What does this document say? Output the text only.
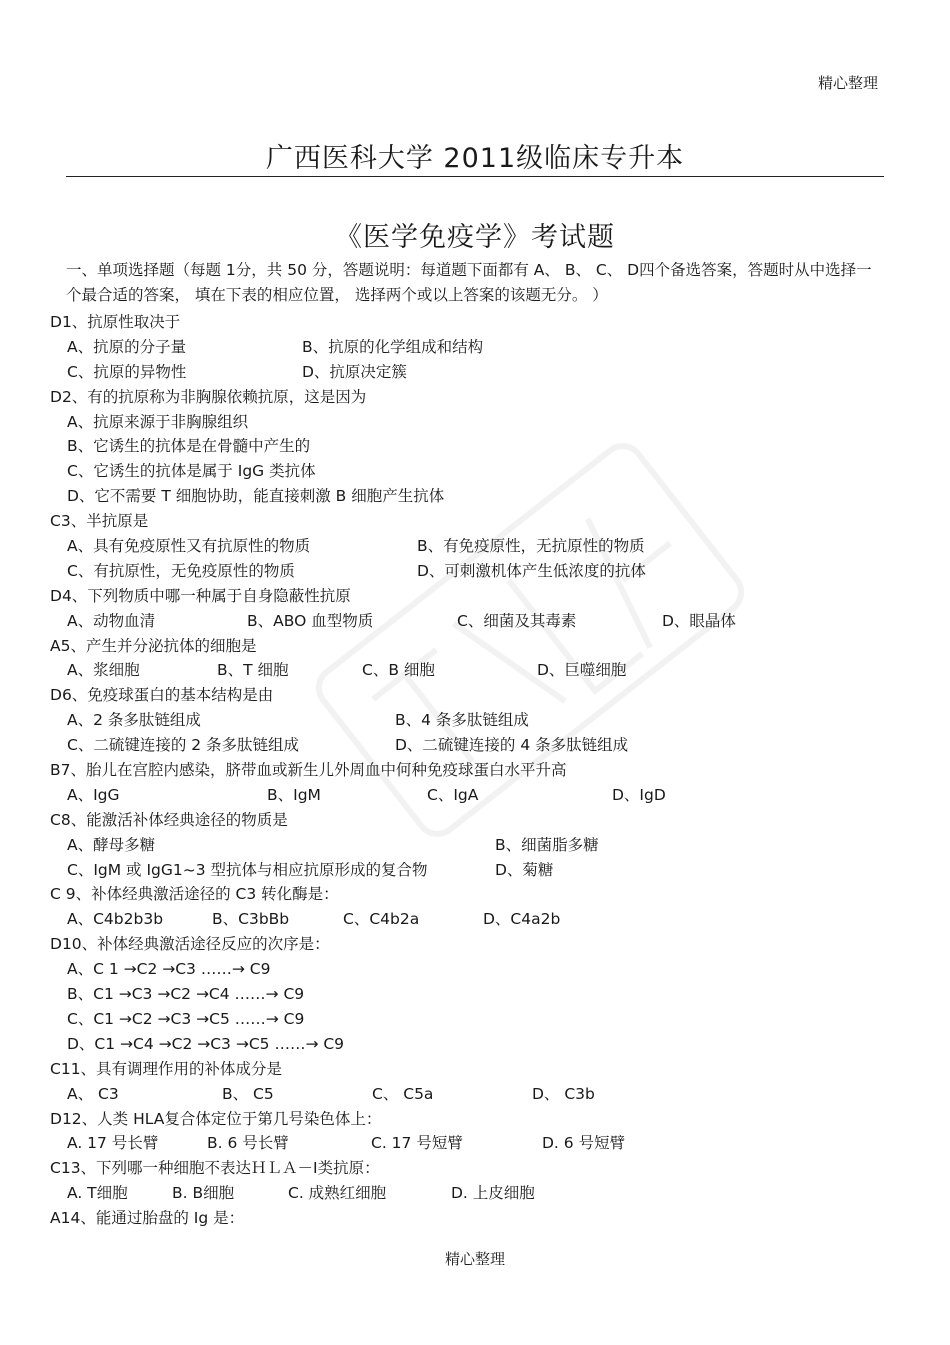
精心整理
广西医科大学 2011级临床专升本
《医学免疫学》考试题
一、单项选择题（每题 1分，共 50 分，答题说明：每道题下面都有 A、 B、 C、 D四个备选答案，答题时从中选择一个最合适的答案， 填在下表的相应位置， 选择两个或以上答案的该题无分。 ）
D1、抗原性取决于
A、抗原的分子量	B、抗原的化学组成和结构
C、抗原的异物性	D、抗原决定簇
D2、有的抗原称为非胸腺依赖抗原，这是因为
A、抗原来源于非胸腺组织
B、它诱生的抗体是在骨髓中产生的
C、它诱生的抗体是属于 IgG 类抗体
D、它不需要 T 细胞协助，能直接刺激 B 细胞产生抗体
C3、半抗原是
A、具有免疫原性又有抗原性的物质	B、有免疫原性，无抗原性的物质
C、有抗原性，无免疫原性的物质	D、可刺激机体产生低浓度的抗体
D4、下列物质中哪一种属于自身隐蔽性抗原
A、动物血清	B、ABO 血型物质	C、细菌及其毒素	D、眼晶体
A5、产生并分泌抗体的细胞是
A、浆细胞	B、T 细胞	C、B 细胞	D、巨噬细胞
D6、免疫球蛋白的基本结构是由
A、2 条多肽链组成	B、4 条多肽链组成
C、二硫键连接的 2 条多肽链组成	D、二硫键连接的 4 条多肽链组成
B7、胎儿在宫腔内感染，脐带血或新生儿外周血中何种免疫球蛋白水平升高
A、IgG	B、IgM	C、IgA	D、IgD
C8、能激活补体经典途径的物质是
A、酵母多糖	B、细菌脂多糖
C、IgM 或 IgG1~3 型抗体与相应抗原形成的复合物	D、菊糖
C 9、补体经典激活途径的 C3 转化酶是：
A、C4b2b3b	B、C3bBb	C、C4b2a	D、C4a2b
D10、补体经典激活途径反应的次序是：
A、C 1 →C2 →C3 ……→ C9
B、C1 →C3 →C2 →C4 ……→ C9
C、C1 →C2 →C3 →C5 ……→ C9
D、C1 →C4 →C2 →C3 →C5 ……→ C9
C11、具有调理作用的补体成分是
A、 C3	B、 C5	C、 C5a	D、 C3b
D12、人类 HLA复合体定位于第几号染色体上：
A. 17 号长臂	B. 6 号长臂	C. 17 号短臂	D. 6 号短臂
C13、下列哪一种细胞不表达ＨＬＡ－Ⅰ类抗原：
A. T细胞	B. B细胞	C. 成熟红细胞	D. 上皮细胞
A14、能通过胎盘的 Ig 是：
精心整理
